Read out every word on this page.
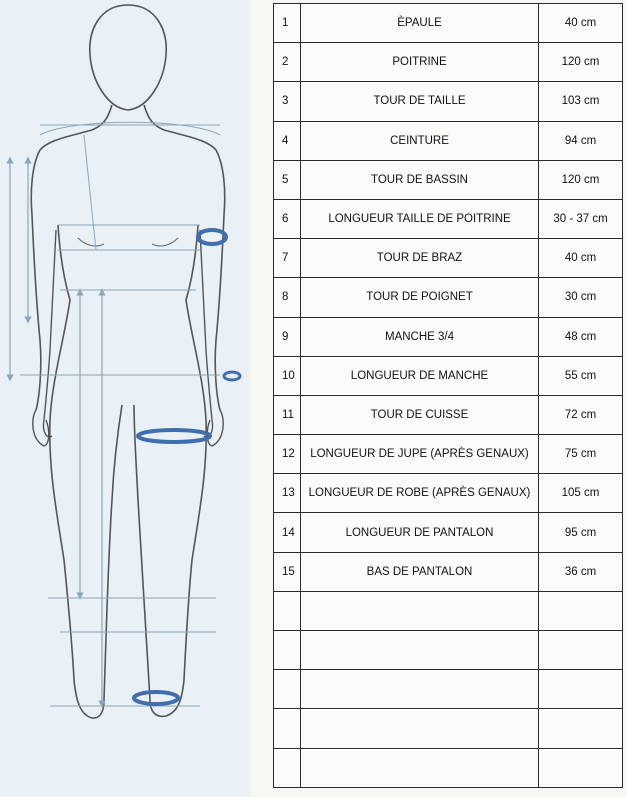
1	ÈPAULE	40 cm
2	POITRINE	120 cm
3	TOUR DE TAILLE	103 cm
4	CEINTURE	94 cm
5	TOUR DE BASSIN	120 cm
6	LONGUEUR TAILLE DE POITRINE	30 - 37 cm
7	TOUR DE BRAZ	40 cm
8	TOUR DE POIGNET	30 cm
9	MANCHE 3/4	48 cm
10	LONGUEUR DE MANCHE	55 cm
11	TOUR DE CUISSE	72 cm
12	LONGUEUR DE JUPE (APRÈS GENAUX)	75 cm
13	LONGUEUR DE ROBE (APRÈS GENAUX)	105 cm
14	LONGUEUR DE PANTALON	95 cm
15	BAS DE PANTALON	36 cm
